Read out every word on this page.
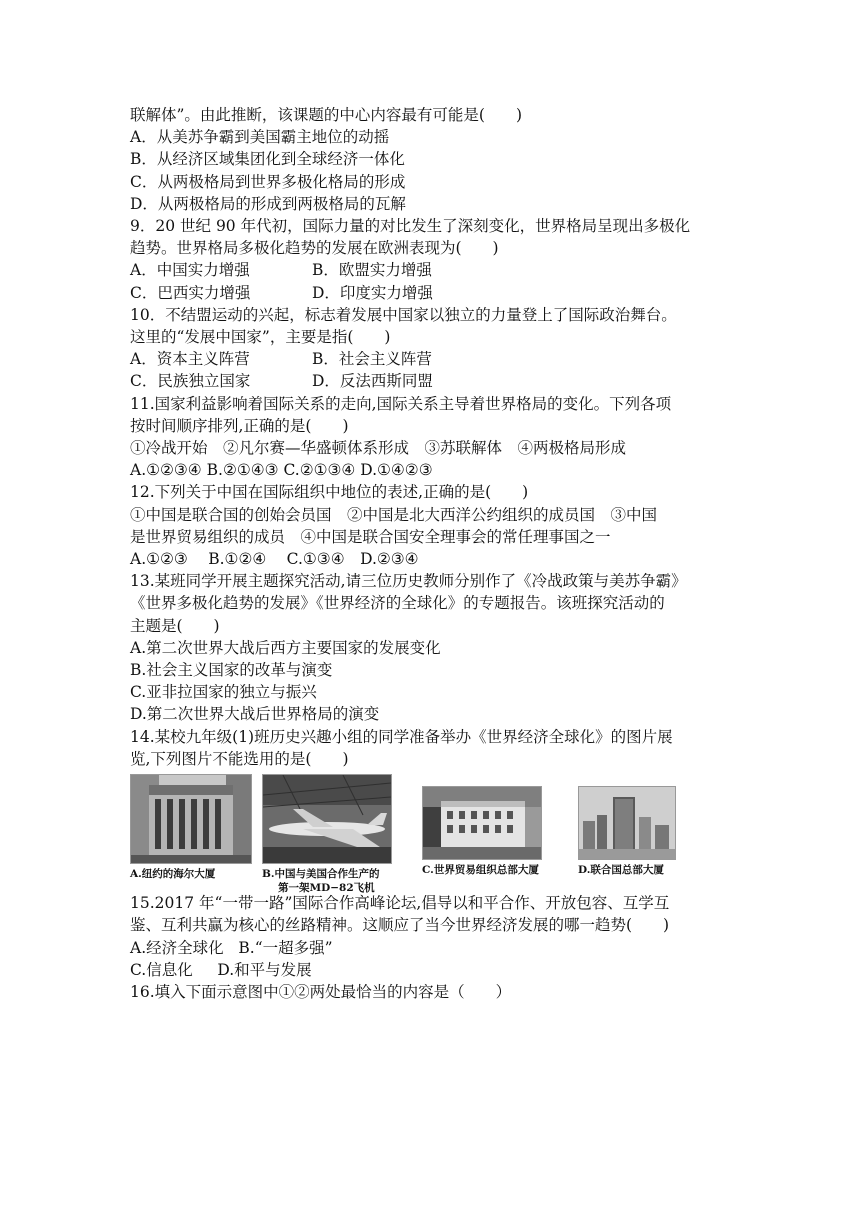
联解体”。由此推断，该课题的中心内容最有可能是(　　)
A．从美苏争霸到美国霸主地位的动摇
B．从经济区域集团化到全球经济一体化
C．从两极格局到世界多极化格局的形成
D．从两极格局的形成到两极格局的瓦解
9．20 世纪 90 年代初，国际力量的对比发生了深刻变化，世界格局呈现出多极化
趋势。世界格局多极化趋势的发展在欧洲表现为(　　)
A．中国实力增强	B．欧盟实力增强
C．巴西实力增强	D．印度实力增强
10．不结盟运动的兴起，标志着发展中国家以独立的力量登上了国际政治舞台。
这里的“发展中国家”，主要是指(　　)
A．资本主义阵营	B．社会主义阵营
C．民族独立国家	D．反法西斯同盟
11.国家利益影响着国际关系的走向,国际关系主导着世界格局的变化。下列各项
按时间顺序排列,正确的是(　　)
①冷战开始　②凡尔赛—华盛顿体系形成　③苏联解体　④两极格局形成
A.①②③④ B.②①④③ C.②①③④ D.①④②③
12.下列关于中国在国际组织中地位的表述,正确的是(　　)
①中国是联合国的创始会员国　②中国是北大西洋公约组织的成员国　③中国
是世界贸易组织的成员　④中国是联合国安全理事会的常任理事国之一
A.①②③　 B.①②④　 C.①③④　D.②③④
13.某班同学开展主题探究活动,请三位历史教师分别作了《冷战政策与美苏争霸》
《世界多极化趋势的发展》《世界经济的全球化》的专题报告。该班探究活动的
主题是(　　)
A.第二次世界大战后西方主要国家的发展变化
B.社会主义国家的改革与演变
C.亚非拉国家的独立与振兴
D.第二次世界大战后世界格局的演变
14.某校九年级(1)班历史兴趣小组的同学准备举办《世界经济全球化》的图片展
览,下列图片不能选用的是(　　)
A.纽约的海尔大厦	B.中国与美国合作生产的
第一架MD−82飞机
C.世界贸易组织总部大厦	D.联合国总部大厦
15.2017 年“一带一路”国际合作高峰论坛,倡导以和平合作、开放包容、互学互
鉴、互利共赢为核心的丝路精神。这顺应了当今世界经济发展的哪一趋势(　　)
A.经济全球化 B.“一超多强”
C.信息化 D.和平与发展
16.填入下面示意图中①②两处最恰当的内容是（　　）
